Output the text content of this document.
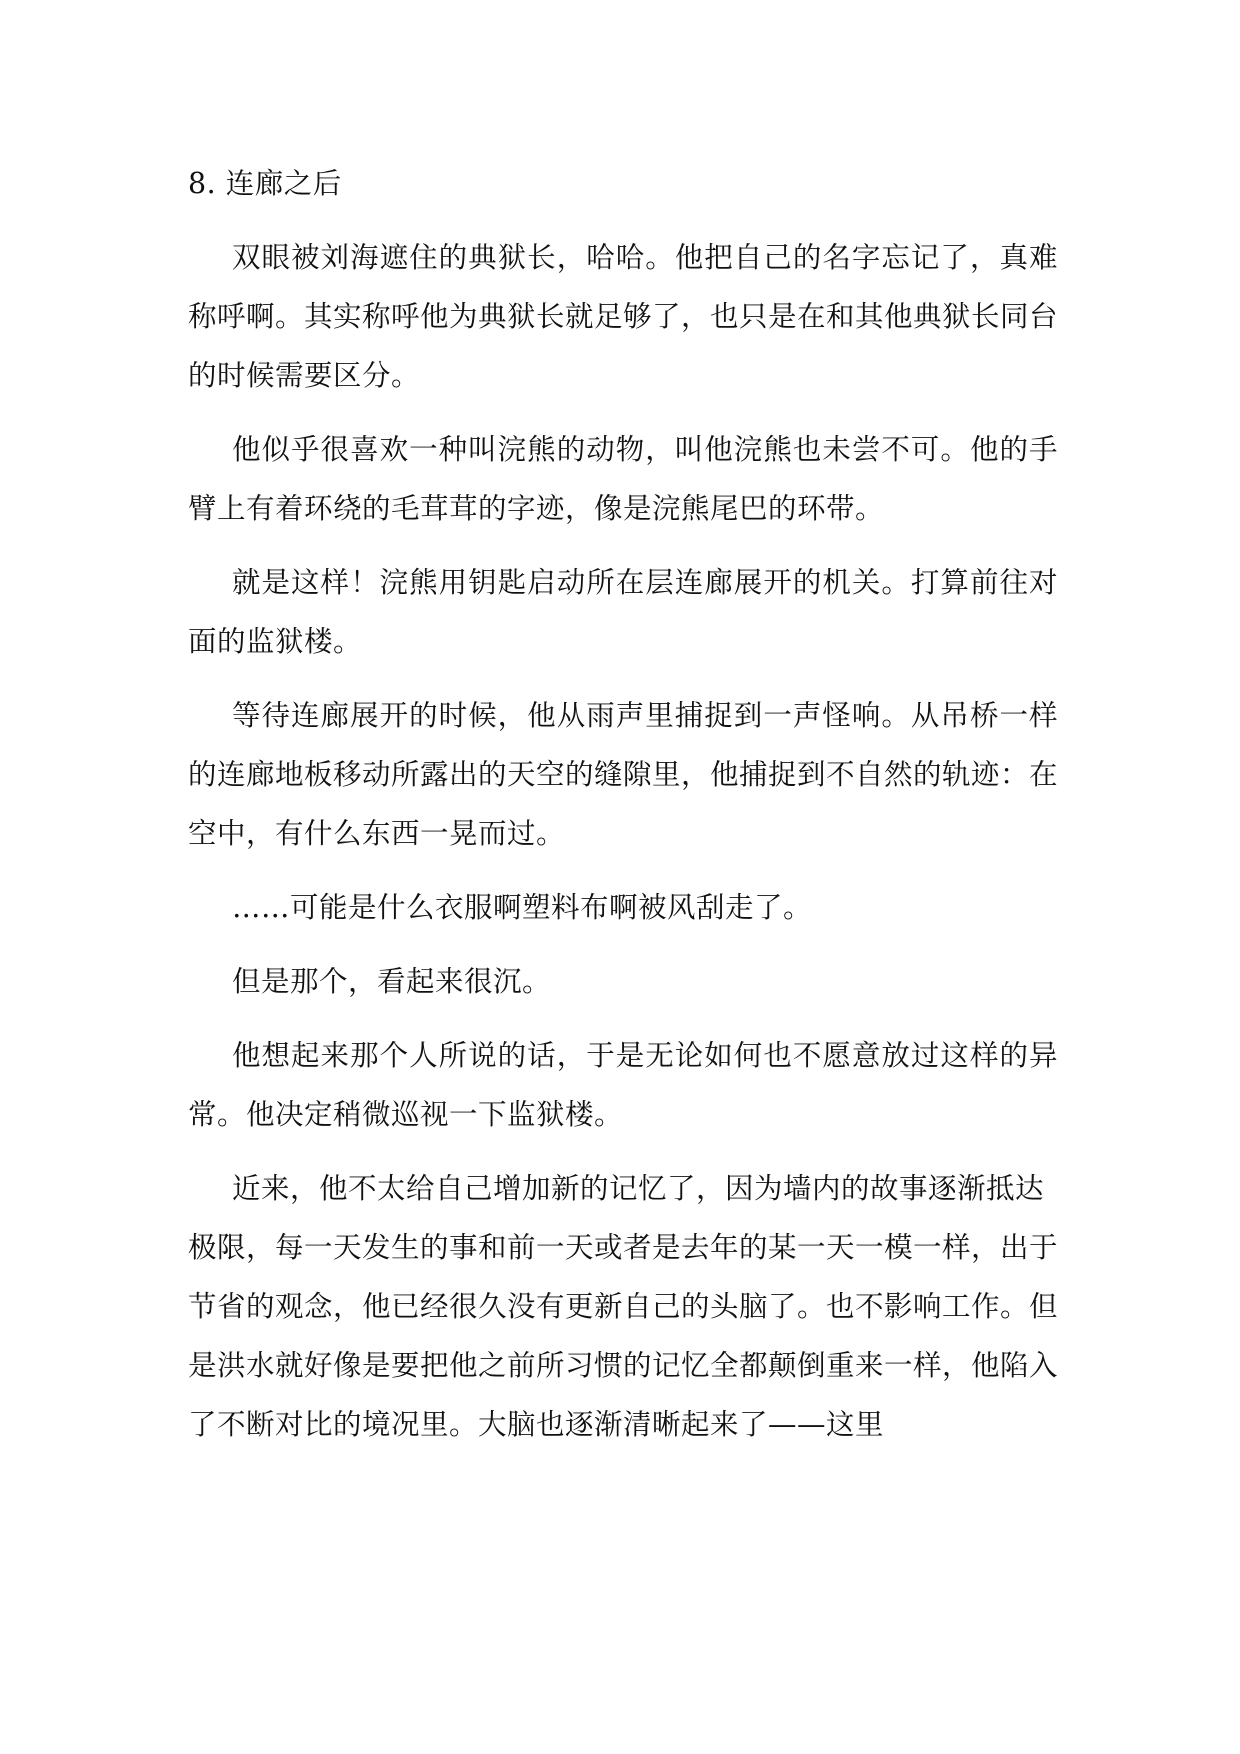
8. 连廊之后

双眼被刘海遮住的典狱长，哈哈。他把自己的名字忘记了，真难称呼啊。其实称呼他为典狱长就足够了，也只是在和其他典狱长同台的时候需要区分。

他似乎很喜欢一种叫浣熊的动物，叫他浣熊也未尝不可。他的手臂上有着环绕的毛茸茸的字迹，像是浣熊尾巴的环带。

就是这样！浣熊用钥匙启动所在层连廊展开的机关。打算前往对面的监狱楼。

等待连廊展开的时候，他从雨声里捕捉到一声怪响。从吊桥一样的连廊地板移动所露出的天空的缝隙里，他捕捉到不自然的轨迹：在空中，有什么东西一晃而过。

……可能是什么衣服啊塑料布啊被风刮走了。

但是那个，看起来很沉。

他想起来那个人所说的话，于是无论如何也不愿意放过这样的异常。他决定稍微巡视一下监狱楼。

近来，他不太给自己增加新的记忆了，因为墙内的故事逐渐抵达极限，每一天发生的事和前一天或者是去年的某一天一模一样，出于节省的观念，他已经很久没有更新自己的头脑了。也不影响工作。但是洪水就好像是要把他之前所习惯的记忆全都颠倒重来一样，他陷入了不断对比的境况里。大脑也逐渐清晰起来了——这里
